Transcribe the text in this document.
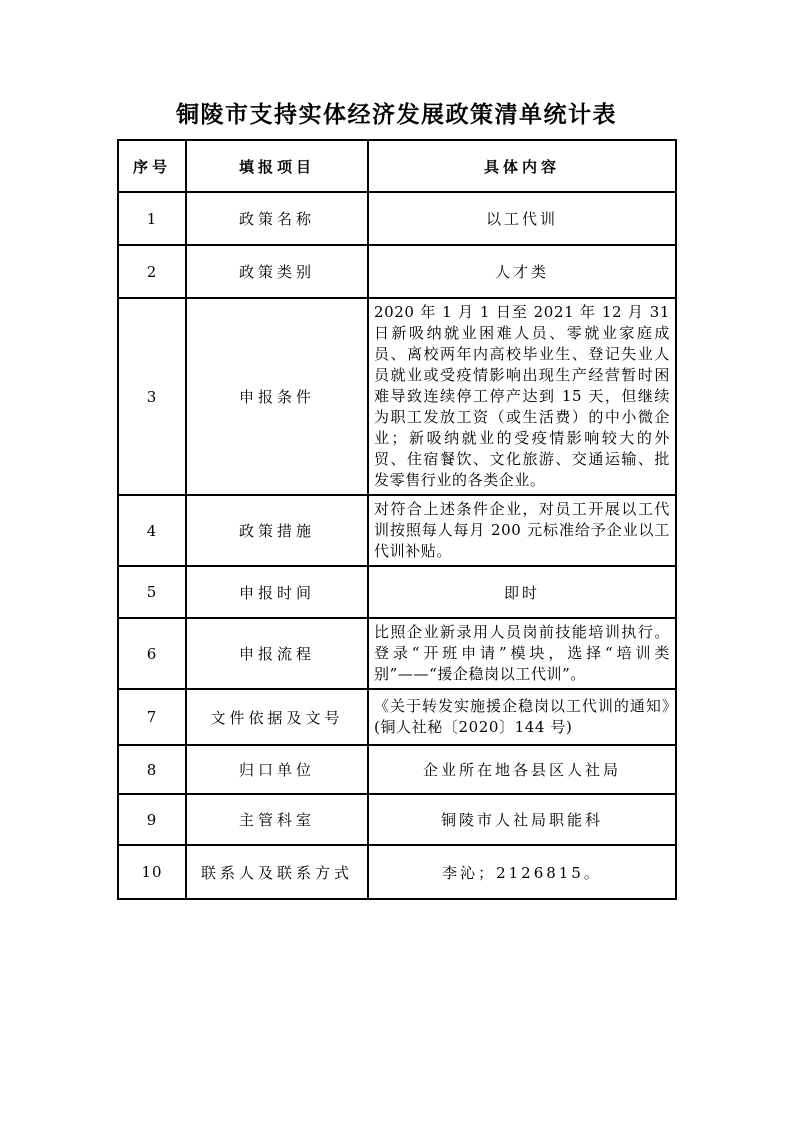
铜陵市支持实体经济发展政策清单统计表
序号	填报项目	具体内容
1	政策名称	以工代训
2	政策类别	人才类
3	申报条件	2020 年 1 月 1 日至 2021 年 12 月 31 日新吸纳就业困难人员、零就业家庭成员、离校两年内高校毕业生、登记失业人员就业或受疫情影响出现生产经营暂时困难导致连续停工停产达到 15 天，但继续为职工发放工资（或生活费）的中小微企业；新吸纳就业的受疫情影响较大的外贸、住宿餐饮、文化旅游、交通运输、批发零售行业的各类企业。
4	政策措施	对符合上述条件企业，对员工开展以工代训按照每人每月 200 元标准给予企业以工代训补贴。
5	申报时间	即时
6	申报流程	比照企业新录用人员岗前技能培训执行。登录“开班申请”模块，选择“培训类别”——“援企稳岗以工代训”。
7	文件依据及文号	《关于转发实施援企稳岗以工代训的通知》(铜人社秘〔2020〕144 号)
8	归口单位	企业所在地各县区人社局
9	主管科室	铜陵市人社局职能科
10	联系人及联系方式	李沁；2126815。
